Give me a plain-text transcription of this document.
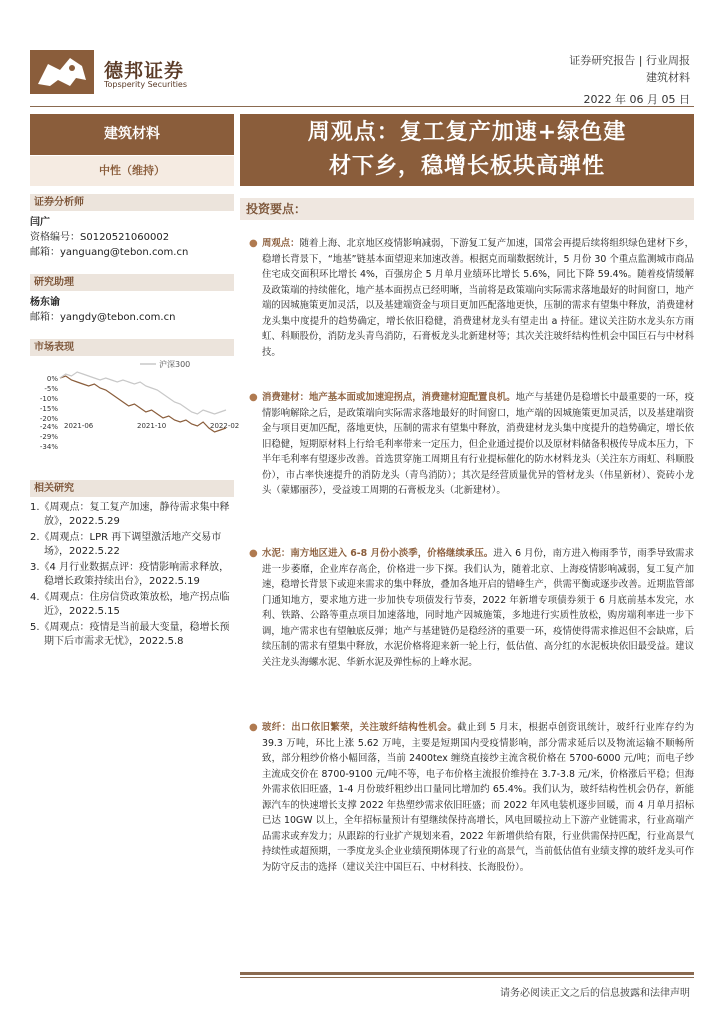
德邦证券
Topsperity Securities
证券研究报告 | 行业周报
建筑材料
2022 年 06 月 05 日
建筑材料
中性（维持）
证券分析师
闫广
资格编号：S0120521060002
邮箱：yanguang@tebon.com.cn
研究助理
杨东谕
邮箱：yangdy@tebon.com.cn
市场表现
0%
-5%
-10%
-15%
-20%
-24%
-29%
-34%
2021-06	2021-10	2022-02
沪深300
相关研究
1.《周观点：复工复产加速，静待需求集中释放》，2022.5.29
2.《周观点：LPR 再下调望激活地产交易市场》，2022.5.22
3.《4 月行业数据点评：疫情影响需求释放，稳增长政策持续出台》，2022.5.19
4.《周观点：住房信贷政策放松，地产拐点临近》，2022.5.15
5.《周观点：疫情是当前最大变量，稳增长预期下后市需求无忧》，2022.5.8
周观点：复工复产加速+绿色建
材下乡，稳增长板块高弹性
投资要点：
● 周观点：随着上海、北京地区疫情影响减弱，下游复工复产加速，国常会再提后续将组织绿色建材下乡，稳增长背景下，“地基”链基本面望迎来加速改善。根据克而瑞数据统计，5 月份 30 个重点监测城市商品住宅成交面积环比增长 4%，百强房企 5 月单月业绩环比增长 5.6%，同比下降 59.4%。随着疫情缓解及政策端的持续催化，地产基本面拐点已经明晰，当前将是政策端向实际需求落地最好的时间窗口，地产端的因城施策更加灵活，以及基建端资金与项目更加匹配落地更快，压制的需求有望集中释放，消费建材龙头集中度提升的趋势确定，增长依旧稳健，消费建材龙头有望走出 a 持征。建议关注防水龙头东方雨虹、科顺股份，消防龙头青鸟消防，石膏板龙头北新建材等；其次关注玻纤结构性机会中国巨石与中材科技。
● 消费建材：地产基本面或加速迎拐点，消费建材迎配置良机。地产与基建仍是稳增长中最重要的一环，疫情影响解除之后，是政策端向实际需求落地最好的时间窗口，地产端的因城施策更加灵活，以及基建端资金与项目更加匹配，落地更快，压制的需求有望集中释放，消费建材龙头集中度提升的趋势确定，增长依旧稳健，短期原材料上行给毛利率带来一定压力，但企业通过提价以及原材料储备积极传导成本压力，下半年毛利率有望逐步改善。首选贯穿施工周期且有行业提标催化的防水材料龙头（关注东方雨虹、科顺股份），市占率快速提升的消防龙头（青鸟消防）；其次是经营质量优异的管材龙头（伟星新材）、瓷砖小龙头（蒙娜丽莎），受益竣工周期的石膏板龙头（北新建材）。
● 水泥：南方地区进入 6-8 月份小淡季，价格继续承压。进入 6 月份，南方进入梅雨季节，雨季导致需求进一步萎靡，企业库存高企，价格进一步下探。我们认为，随着北京、上海疫情影响减弱，复工复产加速，稳增长背景下或迎来需求的集中释放，叠加各地开启的错峰生产，供需平衡或逐步改善。近期监管部门通知地方，要求地方进一步加快专项债发行节奏，2022 年新增专项债券须于 6 月底前基本发完，水利、铁路、公路等重点项目加速落地，同时地产因城施策，多地进行实质性放松，购房端利率进一步下调，地产需求也有望触底反弹；地产与基建链仍是稳经济的重要一环，疫情使得需求推迟但不会缺席，后续压制的需求有望集中释放，水泥价格将迎来新一轮上行，低估值、高分红的水泥板块依旧最受益。建议关注龙头海螺水泥、华新水泥及弹性标的上峰水泥。
● 玻纤：出口依旧繁荣，关注玻纤结构性机会。截止到 5 月末，根据卓创资讯统计，玻纤行业库存约为 39.3 万吨，环比上涨 5.62 万吨，主要是短期国内受疫情影响，部分需求延后以及物流运输不顺畅所致，部分粗纱价格小幅回落，当前 2400tex 缠绕直接纱主流含税价格在 5700-6000 元/吨；而电子纱主流成交价在 8700-9100 元/吨不等，电子布价格主流报价维持在 3.7-3.8 元/米，价格涨后平稳；但海外需求依旧旺盛，1-4 月份玻纤粗纱出口量同比增加约 65.4%。我们认为，玻纤结构性机会仍存，新能源汽车的快速增长支撑 2022 年热塑纱需求依旧旺盛；而 2022 年风电装机逐步回暖，而 4 月单月招标已达 10GW 以上，全年招标量预计有望继续保持高增长，风电回暖拉动上下游产业链需求，行业高端产品需求或弃发力；从跟踪的行业扩产规划来看，2022 年新增供给有限，行业供需保持匹配，行业高景气持续性或超预期，一季度龙头企业业绩预期体现了行业的高景气，当前低估值有业绩支撑的玻纤龙头可作为防守反击的选择（建议关注中国巨石、中材科技、长海股份）。
请务必阅读正文之后的信息披露和法律声明
